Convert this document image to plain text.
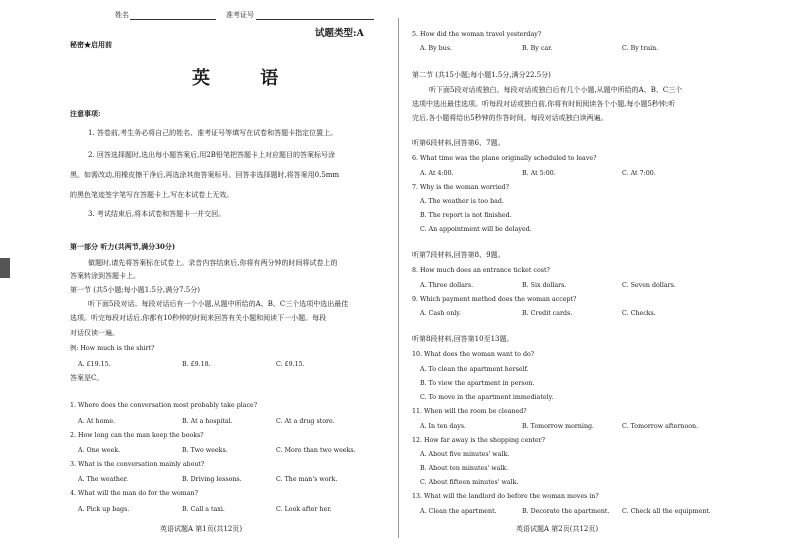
姓名	准考证号
试题类型:A
秘密★启用前
英 语
注意事项:
1. 答卷前,考生务必将自己的姓名、准考证号等填写在试卷和答题卡指定位置上。
2. 回答选择题时,选出每小题答案后,用2B铅笔把答题卡上对应题目的答案标号涂
黑。如需改动,用橡皮擦干净后,再选涂其他答案标号。回答非选择题时,将答案用0.5mm
的黑色笔迹签字笔写在答题卡上,写在本试卷上无效。
3. 考试结束后,将本试卷和答题卡一并交回。
第一部分 听力(共两节,满分30分)
做题时,请先将答案标在试卷上。录音内容结束后,你将有两分钟的时间将试卷上的
答案转涂到答题卡上。
第一节 (共5小题;每小题1.5分,满分7.5分)
听下面5段对话。每段对话后有一个小题,从题中所给的A、B、C三个选项中选出最佳
选项。听完每段对话后,你都有10秒钟的时间来回答有关小题和阅读下一小题。每段
对话仅读一遍。
例: How much is the shirt?
A. £19.15.	B. £9.18.	C. £9.15.
答案是C。
1. Where does the conversation most probably take place?
A. At home.	B. At a hospital.	C. At a drug store.
2. How long can the man keep the books?
A. One week.	B. Two weeks.	C. More than two weeks.
3. What is the conversation mainly about?
A. The weather.	B. Driving lessons.	C. The man's work.
4. What will the man do for the woman?
A. Pick up bags.	B. Call a taxi.	C. Look after her.
英语试题A 第1页(共12页)
5. How did the woman travel yesterday?
A. By bus.	B. By car.	C. By train.
第二节 (共15小题;每小题1.5分,满分22.5分)
听下面5段对话或独白。每段对话或独白后有几个小题,从题中所给的A、B、C三个
选项中选出最佳选项。听每段对话或独白前,你将有时间阅读各个小题,每小题5秒钟;听
完后,各小题将给出5秒钟的作答时间。每段对话或独白读两遍。
听第6段材料,回答第6、7题。
6. What time was the plane originally scheduled to leave?
A. At 4:00.	B. At 5:00.	C. At 7:00.
7. Why is the woman worried?
A. The weather is too bad.
B. The report is not finished.
C. An appointment will be delayed.
听第7段材料,回答第8、9题。
8. How much does an entrance ticket cost?
A. Three dollars.	B. Six dollars.	C. Seven dollars.
9. Which payment method does the woman accept?
A. Cash only.	B. Credit cards.	C. Checks.
听第8段材料,回答第10至13题。
10. What does the woman want to do?
A. To clean the apartment herself.
B. To view the apartment in person.
C. To move in the apartment immediately.
11. When will the room be cleaned?
A. In ten days.	B. Tomorrow morning.	C. Tomorrow afternoon.
12. How far away is the shopping center?
A. About five minutes' walk.
B. About ten minutes' walk.
C. About fifteen minutes' walk.
13. What will the landlord do before the woman moves in?
A. Clean the apartment.	B. Decorate the apartment. C. Check all the equipment.
英语试题A 第2页(共12页)
